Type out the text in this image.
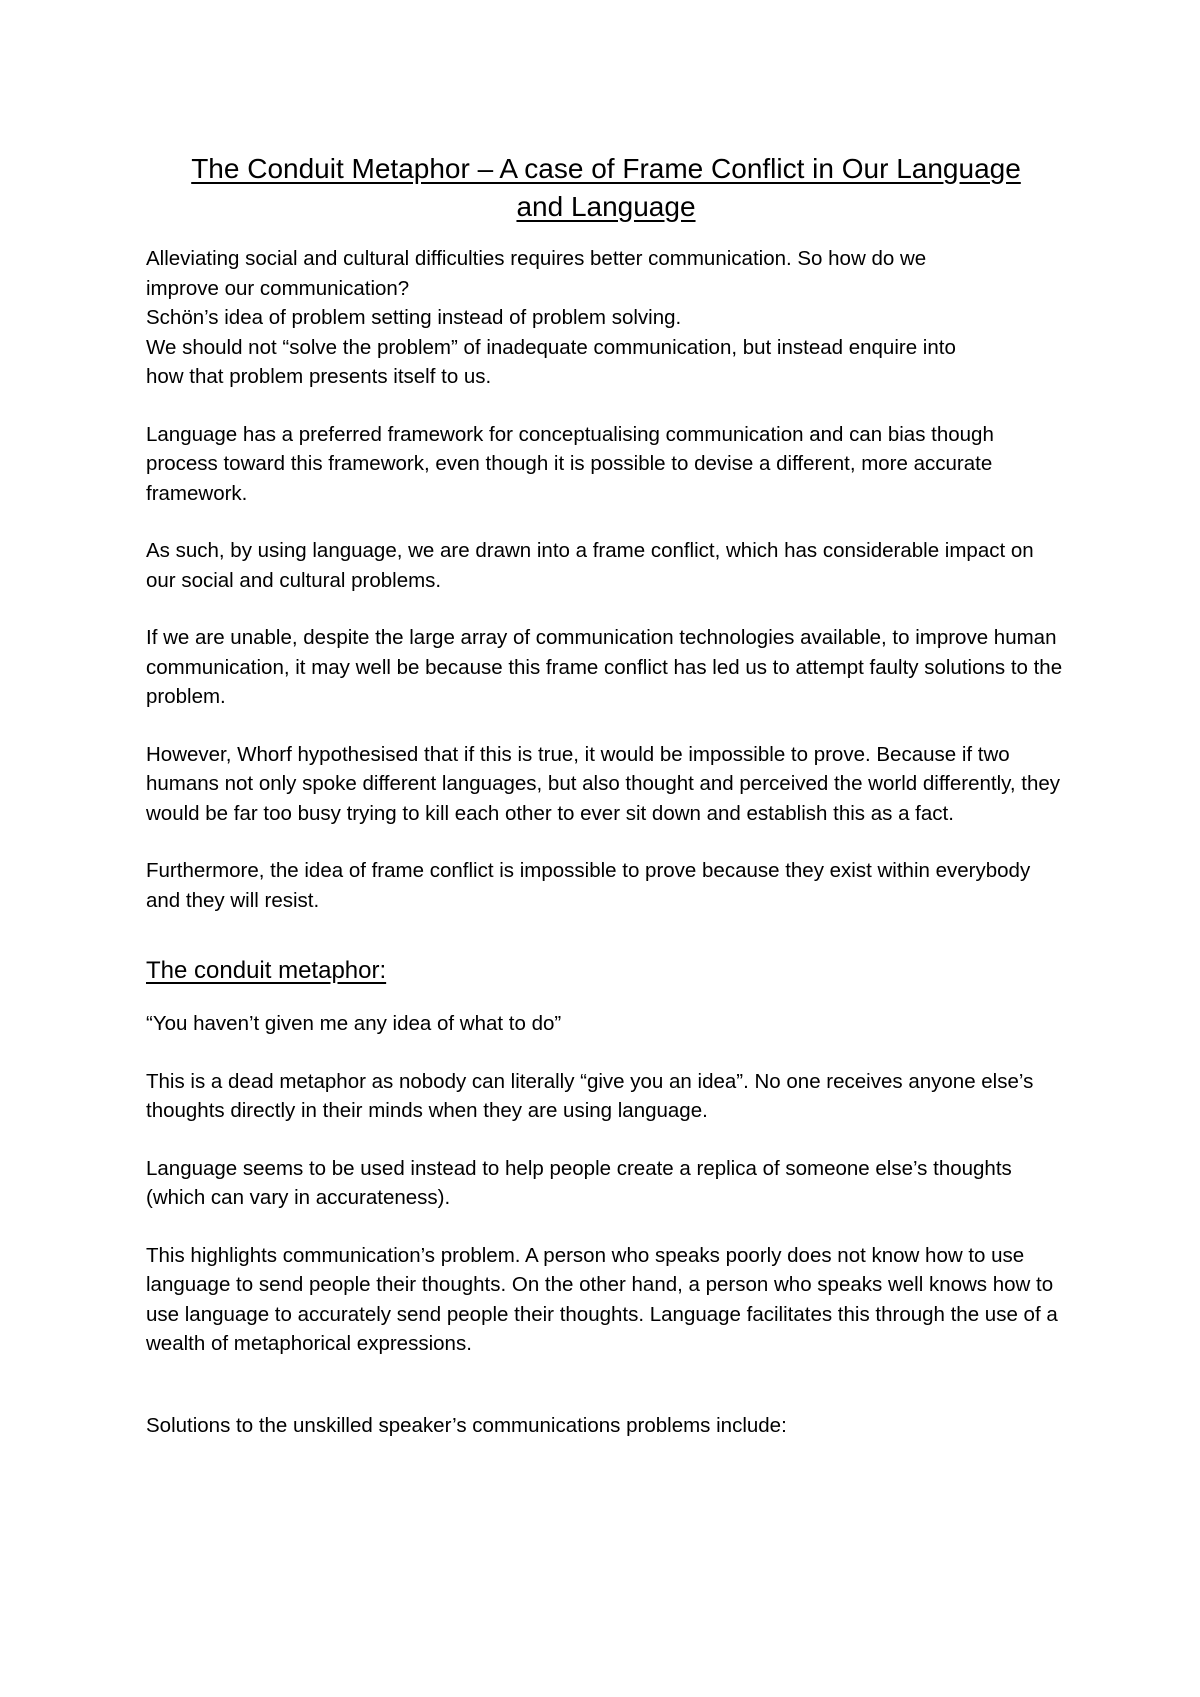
The Conduit Metaphor – A case of Frame Conflict in Our Language
and Language

Alleviating social and cultural difficulties requires better communication. So how do we
improve our communication?
Schön’s idea of problem setting instead of problem solving.
We should not “solve the problem” of inadequate communication, but instead enquire into
how that problem presents itself to us.

Language has a preferred framework for conceptualising communication and can bias though process toward this framework, even though it is possible to devise a different, more accurate framework.

As such, by using language, we are drawn into a frame conflict, which has considerable impact on our social and cultural problems.

If we are unable, despite the large array of communication technologies available, to improve human communication, it may well be because this frame conflict has led us to attempt faulty solutions to the problem.

However, Whorf hypothesised that if this is true, it would be impossible to prove. Because if two humans not only spoke different languages, but also thought and perceived the world differently, they would be far too busy trying to kill each other to ever sit down and establish this as a fact.

Furthermore, the idea of frame conflict is impossible to prove because they exist within everybody and they will resist.

The conduit metaphor:

“You haven’t given me any idea of what to do”

This is a dead metaphor as nobody can literally “give you an idea”. No one receives anyone else’s thoughts directly in their minds when they are using language.

Language seems to be used instead to help people create a replica of someone else’s thoughts (which can vary in accurateness).

This highlights communication’s problem. A person who speaks poorly does not know how to use language to send people their thoughts. On the other hand, a person who speaks well knows how to use language to accurately send people their thoughts. Language facilitates this through the use of a wealth of metaphorical expressions.

Solutions to the unskilled speaker’s communications problems include:
